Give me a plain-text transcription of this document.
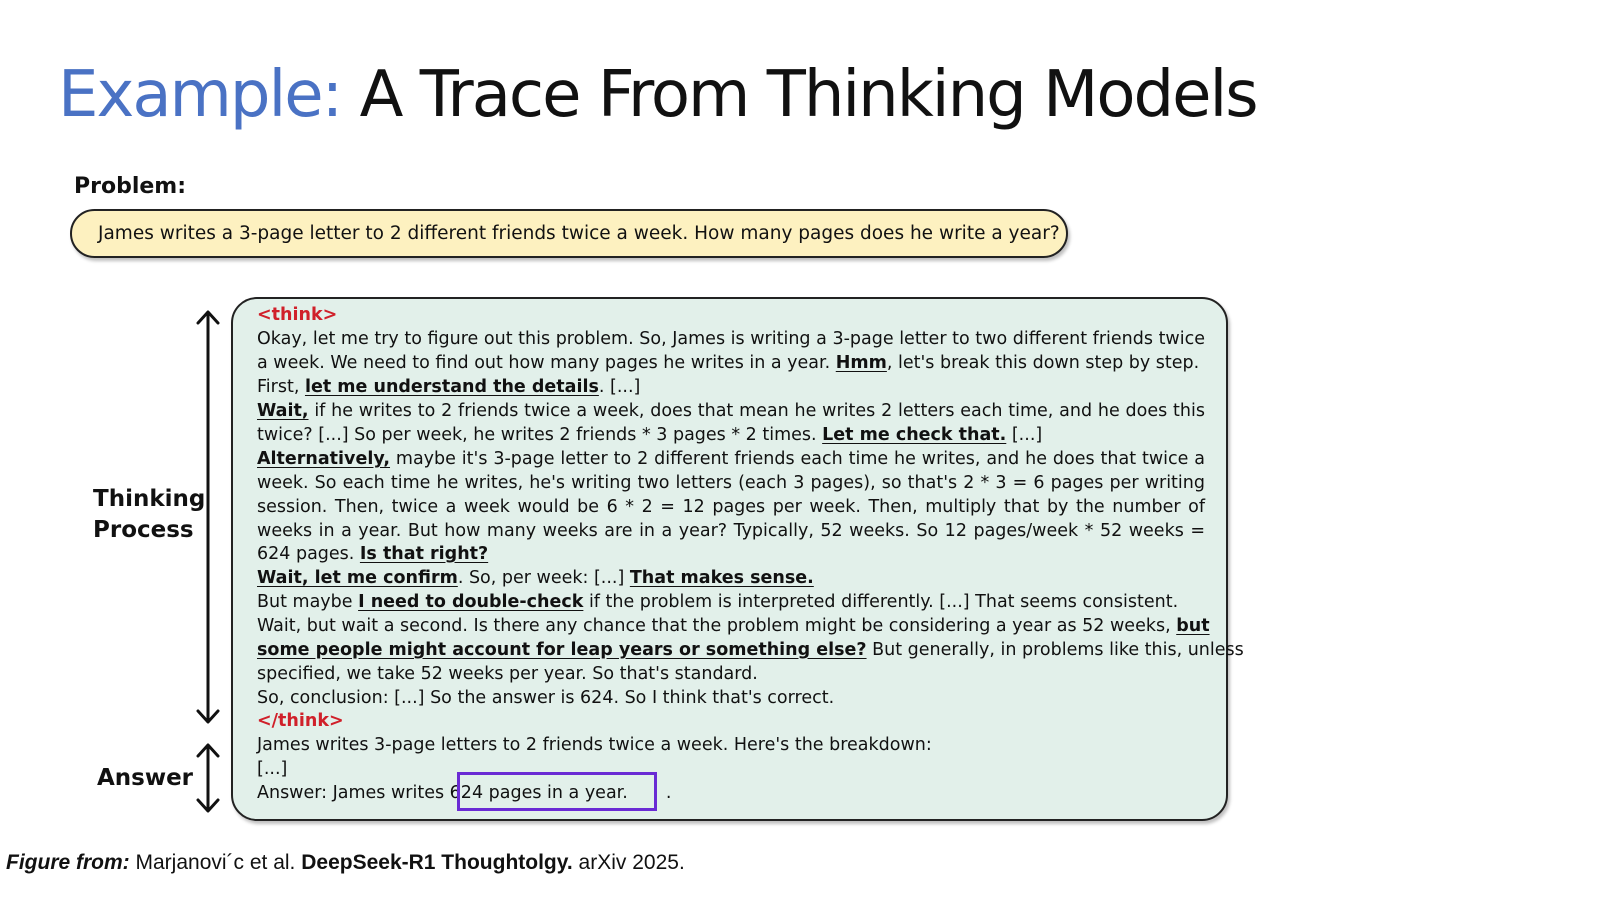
Example: A Trace From Thinking Models
Problem:
James writes a 3-page letter to 2 different friends twice a week. How many pages does he write a year?
Thinking
Process
Answer
<think>
Okay, let me try to figure out this problem. So, James is writing a 3-page letter to two different friends twice
a week. We need to find out how many pages he writes in a year. Hmm, let's break this down step by step.
First, let me understand the details. [...]
Wait, if he writes to 2 friends twice a week, does that mean he writes 2 letters each time, and he does this
twice? [...] So per week, he writes 2 friends * 3 pages * 2 times. Let me check that. [...]
Alternatively, maybe it's 3-page letter to 2 different friends each time he writes, and he does that twice a
week. So each time he writes, he's writing two letters (each 3 pages), so that's 2 * 3 = 6 pages per writing
session. Then, twice a week would be 6 * 2 = 12 pages per week. Then, multiply that by the number of
weeks in a year. But how many weeks are in a year? Typically, 52 weeks. So 12 pages/week * 52 weeks =
624 pages. Is that right?
Wait, let me confirm. So, per week: [...] That makes sense.
But maybe I need to double-check if the problem is interpreted differently. [...] That seems consistent.
Wait, but wait a second. Is there any chance that the problem might be considering a year as 52 weeks, but
some people might account for leap years or something else? But generally, in problems like this, unless
specified, we take 52 weeks per year. So that's standard.
So, conclusion: [...] So the answer is 624. So I think that's correct.
</think>
James writes 3-page letters to 2 friends twice a week. Here's the breakdown:
[...]
Answer: James writes 624 pages in a year. .
Figure from: Marjanovi´c et al. DeepSeek-R1 Thoughtolgy. arXiv 2025.
